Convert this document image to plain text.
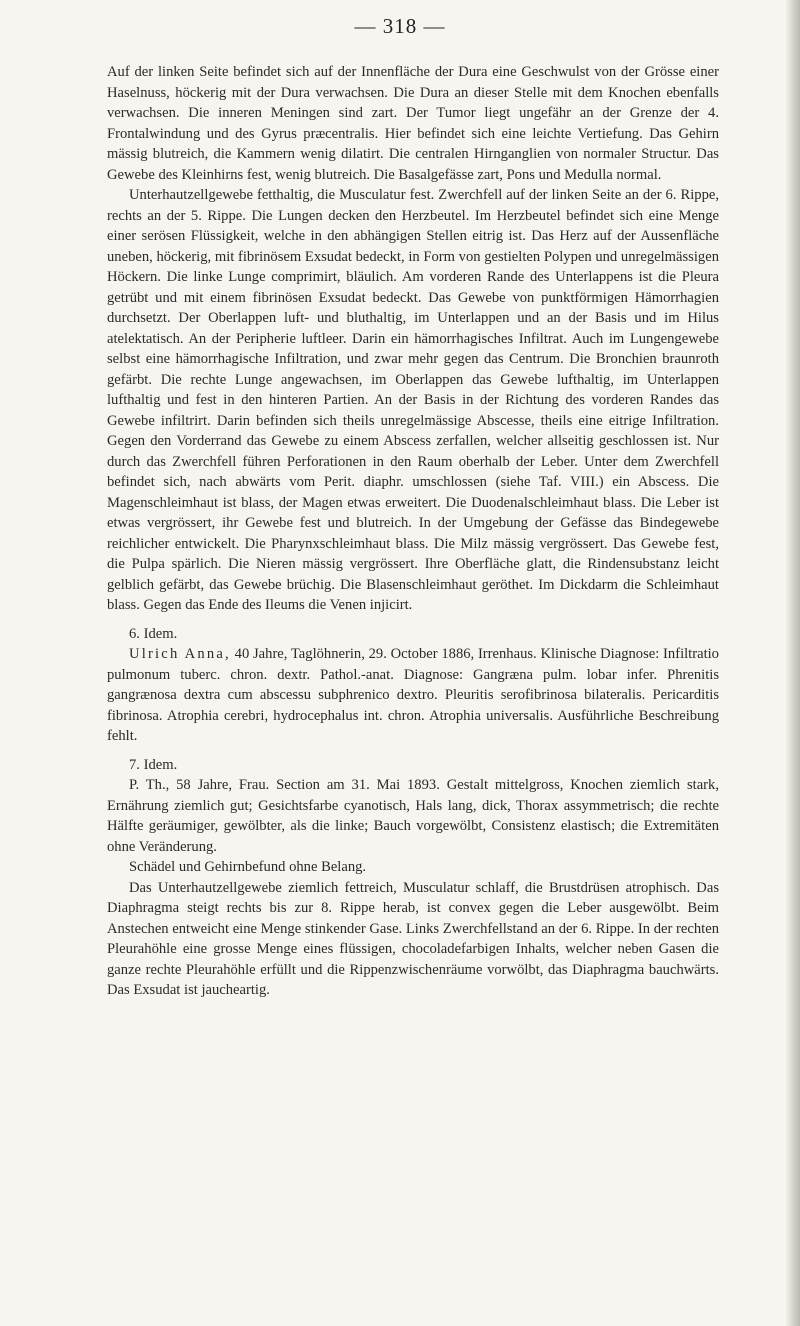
— 318 —

Auf der linken Seite befindet sich auf der Innenfläche der Dura eine Geschwulst von der Grösse einer Haselnuss, höckerig mit der Dura verwachsen. Die Dura an dieser Stelle mit dem Knochen ebenfalls verwachsen. Die inneren Meningen sind zart. Der Tumor liegt ungefähr an der Grenze der 4. Frontalwindung und des Gyrus præcentralis. Hier befindet sich eine leichte Vertiefung. Das Gehirn mässig blutreich, die Kammern wenig dilatirt. Die centralen Hirnganglien von normaler Structur. Das Gewebe des Kleinhirns fest, wenig blutreich. Die Basalgefässe zart, Pons und Medulla normal.

Unterhautzellgewebe fetthaltig, die Musculatur fest. Zwerchfell auf der linken Seite an der 6. Rippe, rechts an der 5. Rippe. Die Lungen decken den Herzbeutel. Im Herzbeutel befindet sich eine Menge einer serösen Flüssigkeit, welche in den abhängigen Stellen eitrig ist. Das Herz auf der Aussenfläche uneben, höckerig, mit fibrinösem Exsudat bedeckt, in Form von gestielten Polypen und unregelmässigen Höckern. Die linke Lunge comprimirt, bläulich. Am vorderen Rande des Unterlappens ist die Pleura getrübt und mit einem fibrinösen Exsudat bedeckt. Das Gewebe von punktförmigen Hämorrhagien durchsetzt. Der Oberlappen luft- und bluthaltig, im Unterlappen und an der Basis und im Hilus atelektatisch. An der Peripherie luftleer. Darin ein hämorrhagisches Infiltrat. Auch im Lungengewebe selbst eine hämorrhagische Infiltration, und zwar mehr gegen das Centrum. Die Bronchien braunroth gefärbt. Die rechte Lunge angewachsen, im Oberlappen das Gewebe lufthaltig, im Unterlappen lufthaltig und fest in den hinteren Partien. An der Basis in der Richtung des vorderen Randes das Gewebe infiltrirt. Darin befinden sich theils unregelmässige Abscesse, theils eine eitrige Infiltration. Gegen den Vorderrand das Gewebe zu einem Abscess zerfallen, welcher allseitig geschlossen ist. Nur durch das Zwerchfell führen Perforationen in den Raum oberhalb der Leber. Unter dem Zwerchfell befindet sich, nach abwärts vom Perit. diaphr. umschlossen (siehe Taf. VIII.) ein Abscess. Die Magenschleimhaut ist blass, der Magen etwas erweitert. Die Duodenalschleimhaut blass. Die Leber ist etwas vergrössert, ihr Gewebe fest und blutreich. In der Umgebung der Gefässe das Bindegewebe reichlicher entwickelt. Die Pharynxschleimhaut blass. Die Milz mässig vergrössert. Das Gewebe fest, die Pulpa spärlich. Die Nieren mässig vergrössert. Ihre Oberfläche glatt, die Rindensubstanz leicht gelblich gefärbt, das Gewebe brüchig. Die Blasenschleimhaut geröthet. Im Dickdarm die Schleimhaut blass. Gegen das Ende des Ileums die Venen injicirt.

6. Idem.

Ulrich Anna, 40 Jahre, Taglöhnerin, 29. October 1886, Irrenhaus. Klinische Diagnose: Infiltratio pulmonum tuberc. chron. dextr. Pathol.-anat. Diagnose: Gangræna pulm. lobar infer. Phrenitis gangrænosa dextra cum abscessu subphrenico dextro. Pleuritis serofibrinosa bilateralis. Pericarditis fibrinosa. Atrophia cerebri, hydrocephalus int. chron. Atrophia universalis. Ausführliche Beschreibung fehlt.

7. Idem.

P. Th., 58 Jahre, Frau. Section am 31. Mai 1893. Gestalt mittelgross, Knochen ziemlich stark, Ernährung ziemlich gut; Gesichtsfarbe cyanotisch, Hals lang, dick, Thorax assymmetrisch; die rechte Hälfte geräumiger, gewölbter, als die linke; Bauch vorgewölbt, Consistenz elastisch; die Extremitäten ohne Veränderung.

Schädel und Gehirnbefund ohne Belang.

Das Unterhautzellgewebe ziemlich fettreich, Musculatur schlaff, die Brustdrüsen atrophisch. Das Diaphragma steigt rechts bis zur 8. Rippe herab, ist convex gegen die Leber ausgewölbt. Beim Anstechen entweicht eine Menge stinkender Gase. Links Zwerchfellstand an der 6. Rippe. In der rechten Pleurahöhle eine grosse Menge eines flüssigen, chocoladefarbigen Inhalts, welcher neben Gasen die ganze rechte Pleurahöhle erfüllt und die Rippenzwischenräume vorwölbt, das Diaphragma bauchwärts. Das Exsudat ist jaucheartig.
